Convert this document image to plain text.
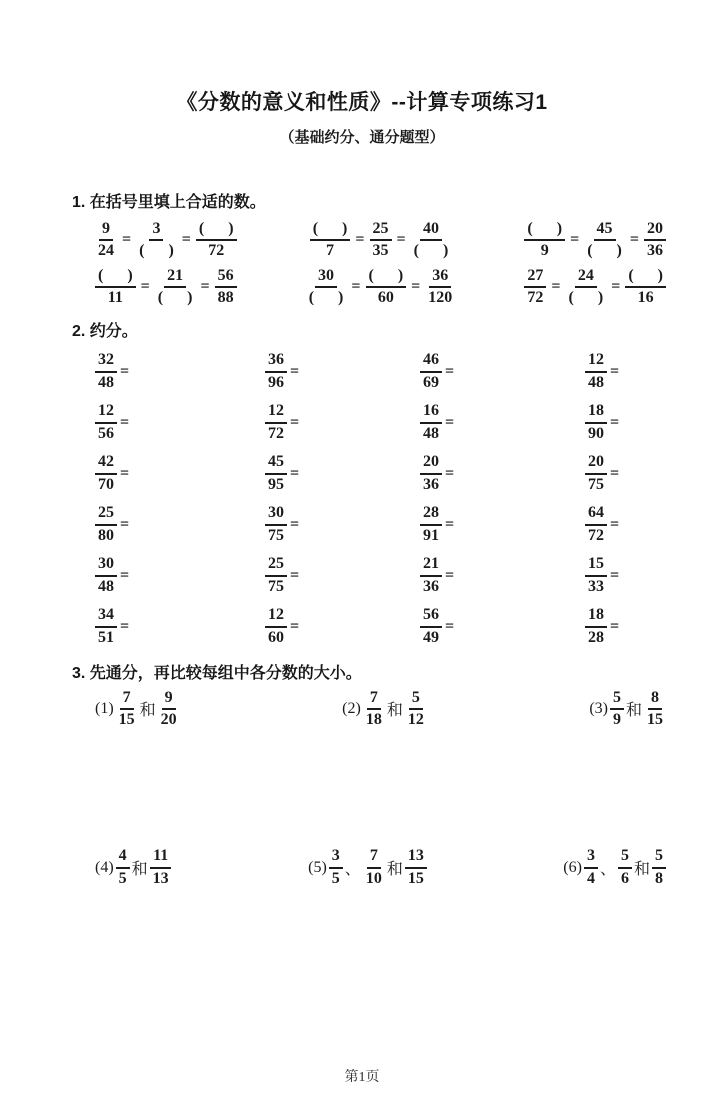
《分数的意义和性质》--计算专项练习1
（基础约分、通分题型）
1. 在括号里填上合适的数。
$\frac{9}{24} = \frac{3}{( )} = \frac{( )}{72}$	$\frac{( )}{7} = \frac{25}{35} = \frac{40}{( )}$	$\frac{( )}{9} = \frac{45}{( )} = \frac{20}{36}$
$\frac{( )}{11} = \frac{21}{( )} = \frac{56}{88}$	$\frac{30}{( )} = \frac{( )}{60} = \frac{36}{120}$	$\frac{27}{72} = \frac{24}{( )} = \frac{( )}{16}$
2. 约分。
$\frac{32}{48}$ =	$\frac{36}{96}$ =	$\frac{46}{69}$ =	$\frac{12}{48}$ =
$\frac{12}{56}$ =	$\frac{12}{72}$ =	$\frac{16}{48}$ =	$\frac{18}{90}$ =
$\frac{42}{70}$ =	$\frac{45}{95}$ =	$\frac{20}{36}$ =	$\frac{20}{75}$ =
$\frac{25}{80}$ =	$\frac{30}{75}$ =	$\frac{28}{91}$ =	$\frac{64}{72}$ =
$\frac{30}{48}$ =	$\frac{25}{75}$ =	$\frac{21}{36}$ =	$\frac{15}{33}$ =
$\frac{34}{51}$ =	$\frac{12}{60}$ =	$\frac{56}{49}$ =	$\frac{18}{28}$ =
3. 先通分，再比较每组中各分数的大小。
$(1) \frac{7}{15}$ 和 $\frac{9}{20}$	$(2) \frac{7}{18}$ 和 $\frac{5}{12}$	$(3) \frac{5}{9}$ 和 $\frac{8}{15}$
$(4) \frac{4}{5}$ 和 $\frac{11}{13}$	$(5) \frac{3}{5}$ 、 $\frac{7}{10}$ 和 $\frac{13}{15}$	$(6) \frac{3}{4}$ 、 $\frac{5}{6}$ 和 $\frac{5}{8}$
第1页
